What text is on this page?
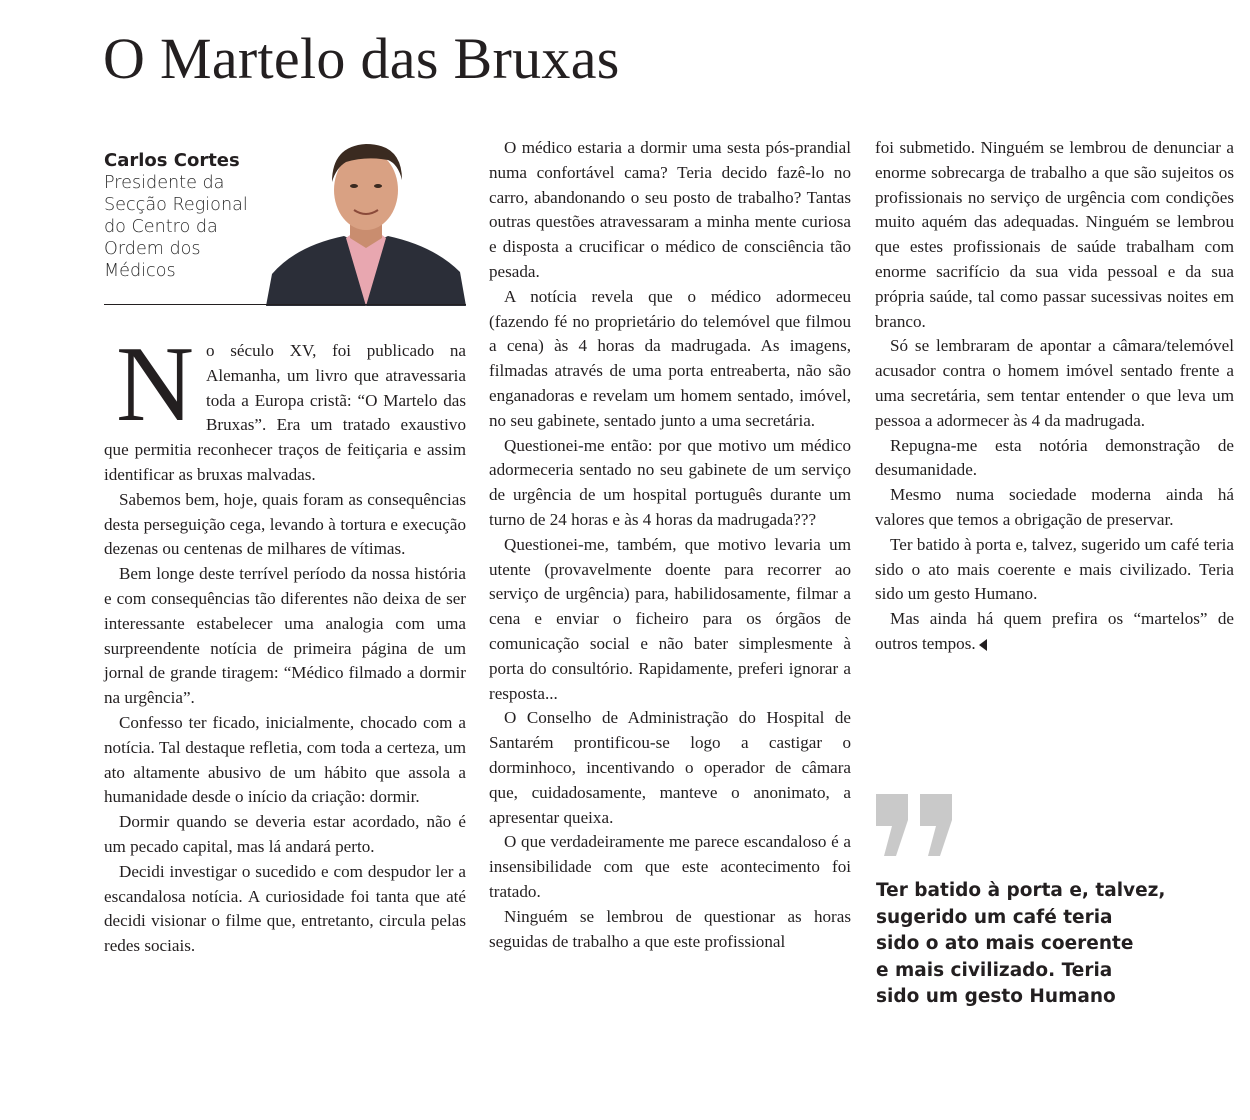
O Martelo das Bruxas
Carlos Cortes
Presidente da Secção Regional do Centro da Ordem dos Médicos

No século XV, foi publicado na Alemanha, um livro que atravessaria toda a Europa cristã: “O Martelo das Bruxas”. Era um tratado exaustivo que permitia reconhecer traços de feitiçaria e assim identificar as bruxas malvadas.

Sabemos bem, hoje, quais foram as consequências desta perseguição cega, levando à tortura e execução dezenas ou centenas de milhares de vítimas.

Bem longe deste terrível período da nossa história e com consequências tão diferentes não deixa de ser interessante estabelecer uma analogia com uma surpreendente notícia de primeira página de um jornal de grande tiragem: “Médico filmado a dormir na urgência”.

Confesso ter ficado, inicialmente, chocado com a notícia. Tal destaque refletia, com toda a certeza, um ato altamente abusivo de um hábito que assola a humanidade desde o início da criação: dormir.

Dormir quando se deveria estar acordado, não é um pecado capital, mas lá andará perto.

Decidi investigar o sucedido e com despudor ler a escandalosa notícia. A curiosidade foi tanta que até decidi visionar o filme que, entretanto, circula pelas redes sociais.

O médico estaria a dormir uma sesta pós-prandial numa confortável cama? Teria decido fazê-lo no carro, abandonando o seu posto de trabalho? Tantas outras questões atravessaram a minha mente curiosa e disposta a crucificar o médico de consciência tão pesada.

A notícia revela que o médico adormeceu (fazendo fé no proprietário do telemóvel que filmou a cena) às 4 horas da madrugada. As imagens, filmadas através de uma porta entreaberta, não são enganadoras e revelam um homem sentado, imóvel, no seu gabinete, sentado junto a uma secretária.

Questionei-me então: por que motivo um médico adormeceria sentado no seu gabinete de um serviço de urgência de um hospital português durante um turno de 24 horas e às 4 horas da madrugada???

Questionei-me, também, que motivo levaria um utente (provavelmente doente para recorrer ao serviço de urgência) para, habilidosamente, filmar a cena e enviar o ficheiro para os órgãos de comunicação social e não bater simplesmente à porta do consultório. Rapidamente, preferi ignorar a resposta...

O Conselho de Administração do Hospital de Santarém prontificou-se logo a castigar o dorminhoco, incentivando o operador de câmara que, cuidadosamente, manteve o anonimato, a apresentar queixa.

O que verdadeiramente me parece escandaloso é a insensibilidade com que este acontecimento foi tratado.

Ninguém se lembrou de questionar as horas seguidas de trabalho a que este profissional

foi submetido. Ninguém se lembrou de denunciar a enorme sobrecarga de trabalho a que são sujeitos os profissionais no serviço de urgência com condições muito aquém das adequadas. Ninguém se lembrou que estes profissionais de saúde trabalham com enorme sacrifício da sua vida pessoal e da sua própria saúde, tal como passar sucessivas noites em branco.

Só se lembraram de apontar a câmara/telemóvel acusador contra o homem imóvel sentado frente a uma secretária, sem tentar entender o que leva um pessoa a adormecer às 4 da madrugada.

Repugna-me esta notória demonstração de desumanidade.

Mesmo numa sociedade moderna ainda há valores que temos a obrigação de preservar.

Ter batido à porta e, talvez, sugerido um café teria sido o ato mais coerente e mais civilizado. Teria sido um gesto Humano.

Mas ainda há quem prefira os “martelos” de outros tempos.

Ter batido à porta e, talvez,
sugerido um café teria
sido o ato mais coerente
e mais civilizado. Teria
sido um gesto Humano
